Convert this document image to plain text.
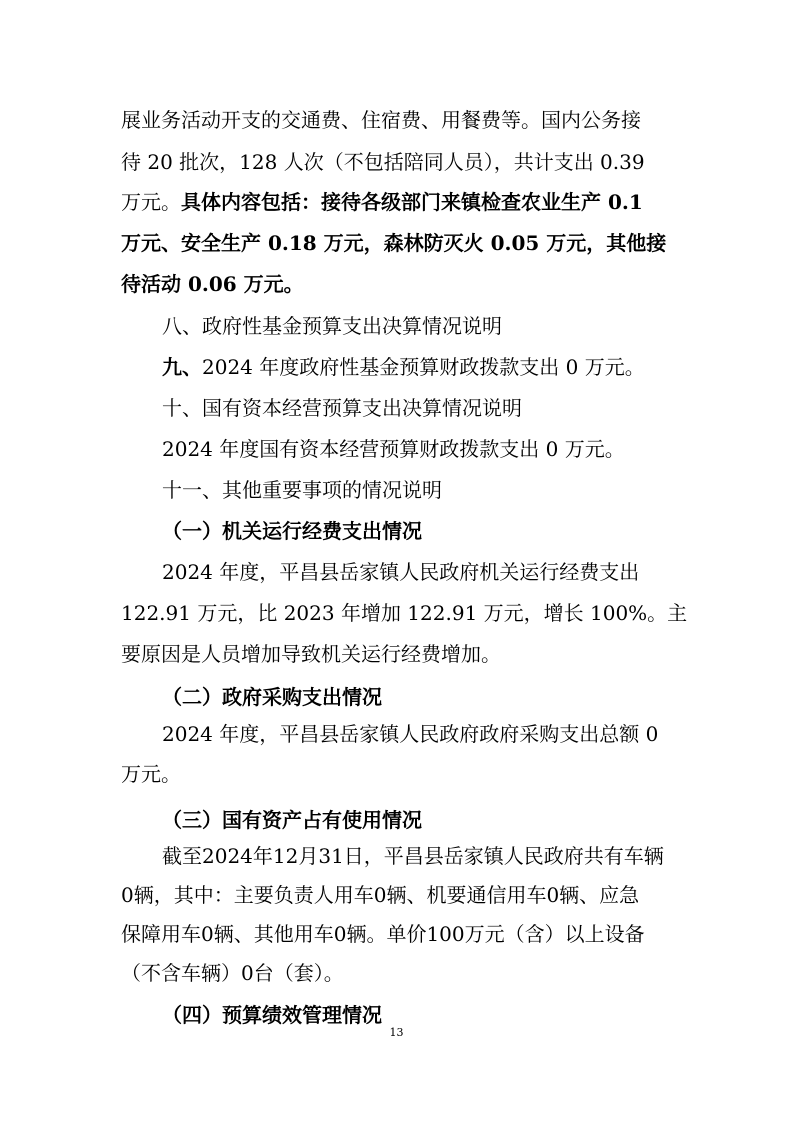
展业务活动开支的交通费、住宿费、用餐费等。国内公务接
待 20 批次，128 人次（不包括陪同人员），共计支出 0.39
万元。具体内容包括：接待各级部门来镇检查农业生产 0.1
万元、安全生产 0.18 万元，森林防灭火 0.05 万元，其他接
待活动 0.06 万元。
八、政府性基金预算支出决算情况说明
九、2024 年度政府性基金预算财政拨款支出 0 万元。
十、国有资本经营预算支出决算情况说明
2024 年度国有资本经营预算财政拨款支出 0 万元。
十一、其他重要事项的情况说明
（一）机关运行经费支出情况
2024 年度，平昌县岳家镇人民政府机关运行经费支出
122.91 万元，比 2023 年增加 122.91 万元，增长 100%。主
要原因是人员增加导致机关运行经费增加。
（二）政府采购支出情况
2024 年度，平昌县岳家镇人民政府政府采购支出总额 0
万元。
（三）国有资产占有使用情况
截至2024年12月31日，平昌县岳家镇人民政府共有车辆
0辆，其中：主要负责人用车0辆、机要通信用车0辆、应急
保障用车0辆、其他用车0辆。单价100万元（含）以上设备
（不含车辆）0台（套）。
（四）预算绩效管理情况
13
